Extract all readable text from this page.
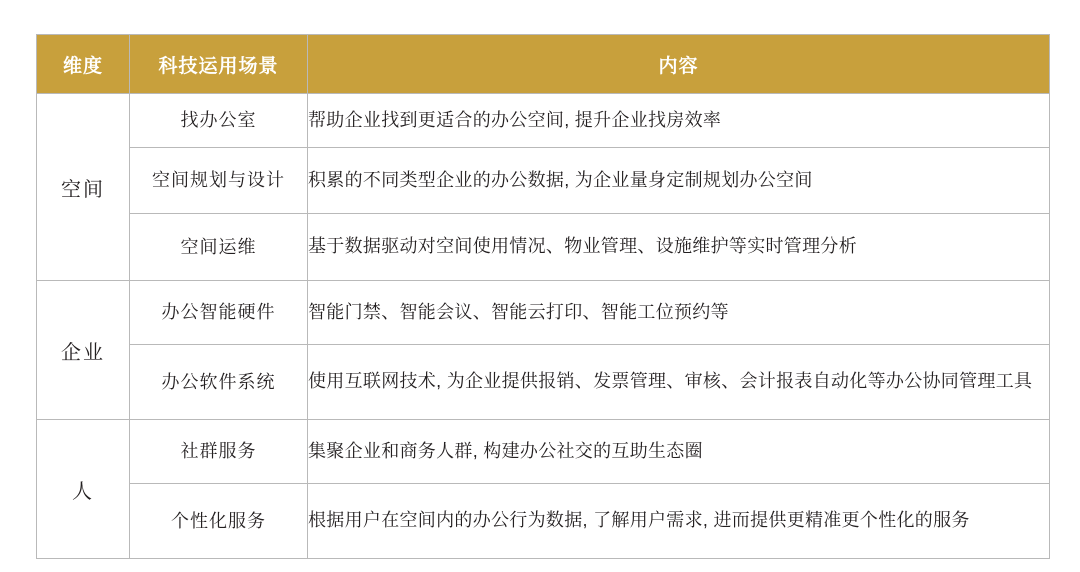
维度	科技运用场景	内容
空间	找办公室	帮助企业找到更适合的办公空间, 提升企业找房效率
	空间规划与设计	积累的不同类型企业的办公数据, 为企业量身定制规划办公空间
	空间运维	基于数据驱动对空间使用情况、物业管理、设施维护等实时管理分析
企业	办公智能硬件	智能门禁、智能会议、智能云打印、智能工位预约等
	办公软件系统	使用互联网技术, 为企业提供报销、发票管理、审核、会计报表自动化等办公协同管理工具
人	社群服务	集聚企业和商务人群, 构建办公社交的互助生态圈
	个性化服务	根据用户在空间内的办公行为数据, 了解用户需求, 进而提供更精准更个性化的服务
